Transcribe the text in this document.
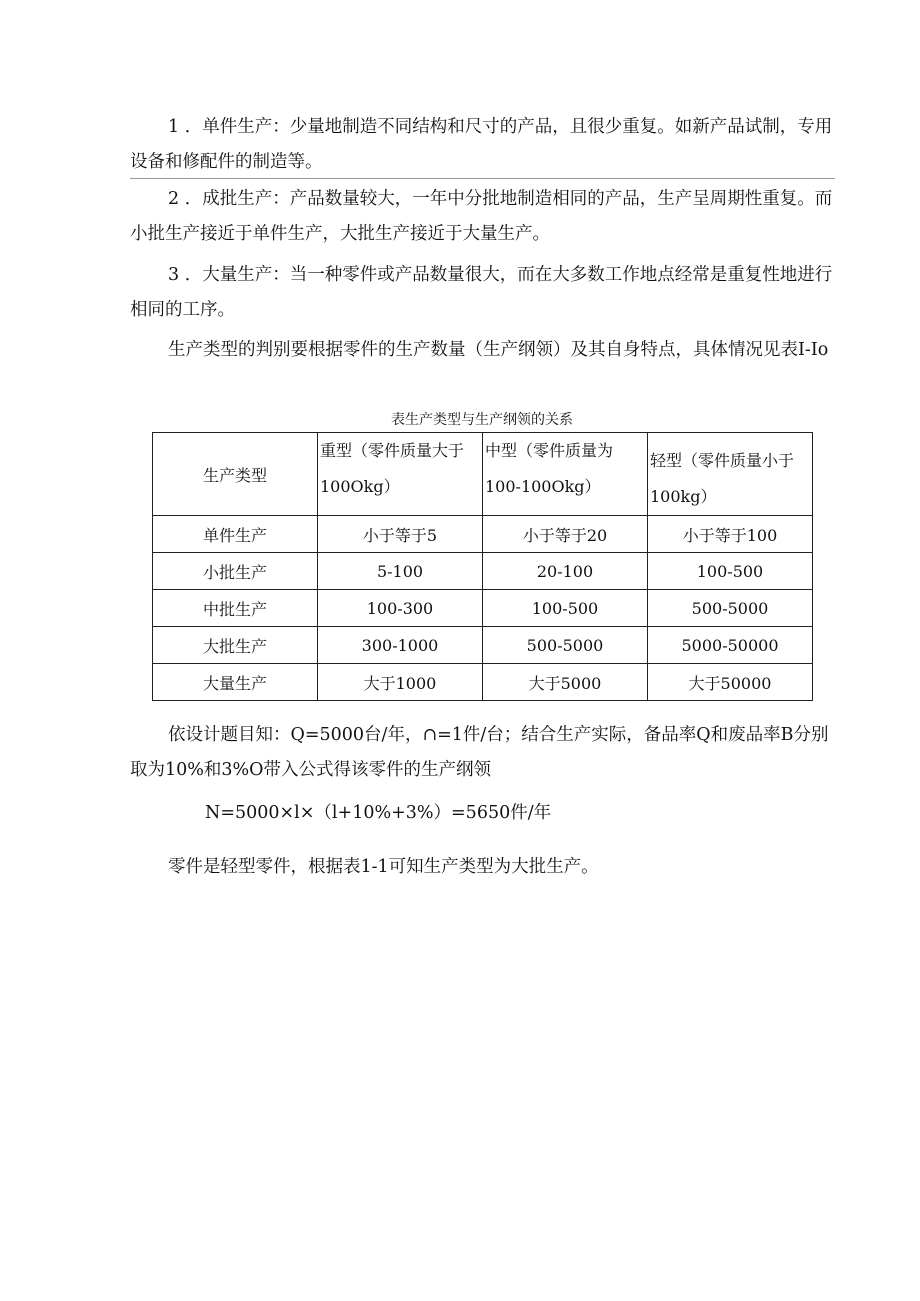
1 ．单件生产：少量地制造不同结构和尺寸的产品，且很少重复。如新产品试制，专用设备和修配件的制造等。

2 ．成批生产：产品数量较大，一年中分批地制造相同的产品，生产呈周期性重复。而小批生产接近于单件生产，大批生产接近于大量生产。

3 ．大量生产：当一种零件或产品数量很大，而在大多数工作地点经常是重复性地进行相同的工序。

生产类型的判别要根据零件的生产数量（生产纲领）及其自身特点，具体情况见表I-Io

表生产类型与生产纲领的关系
生产类型	重型（零件质量大于100Okg）	中型（零件质量为100-100Okg）	轻型（零件质量小于100kg）
单件生产	小于等于5	小于等于20	小于等于100
小批生产	5-100	20-100	100-500
中批生产	100-300	100-500	500-5000
大批生产	300-1000	500-5000	5000-50000
大量生产	大于1000	大于5000	大于50000

依设计题目知：Q=5000台/年，∩=1件/台；结合生产实际，备品率Q和废品率B分别取为10%和3%O带入公式得该零件的生产纲领

N=5000×l×（l+10%+3%）=5650件/年

零件是轻型零件，根据表1-1可知生产类型为大批生产。
